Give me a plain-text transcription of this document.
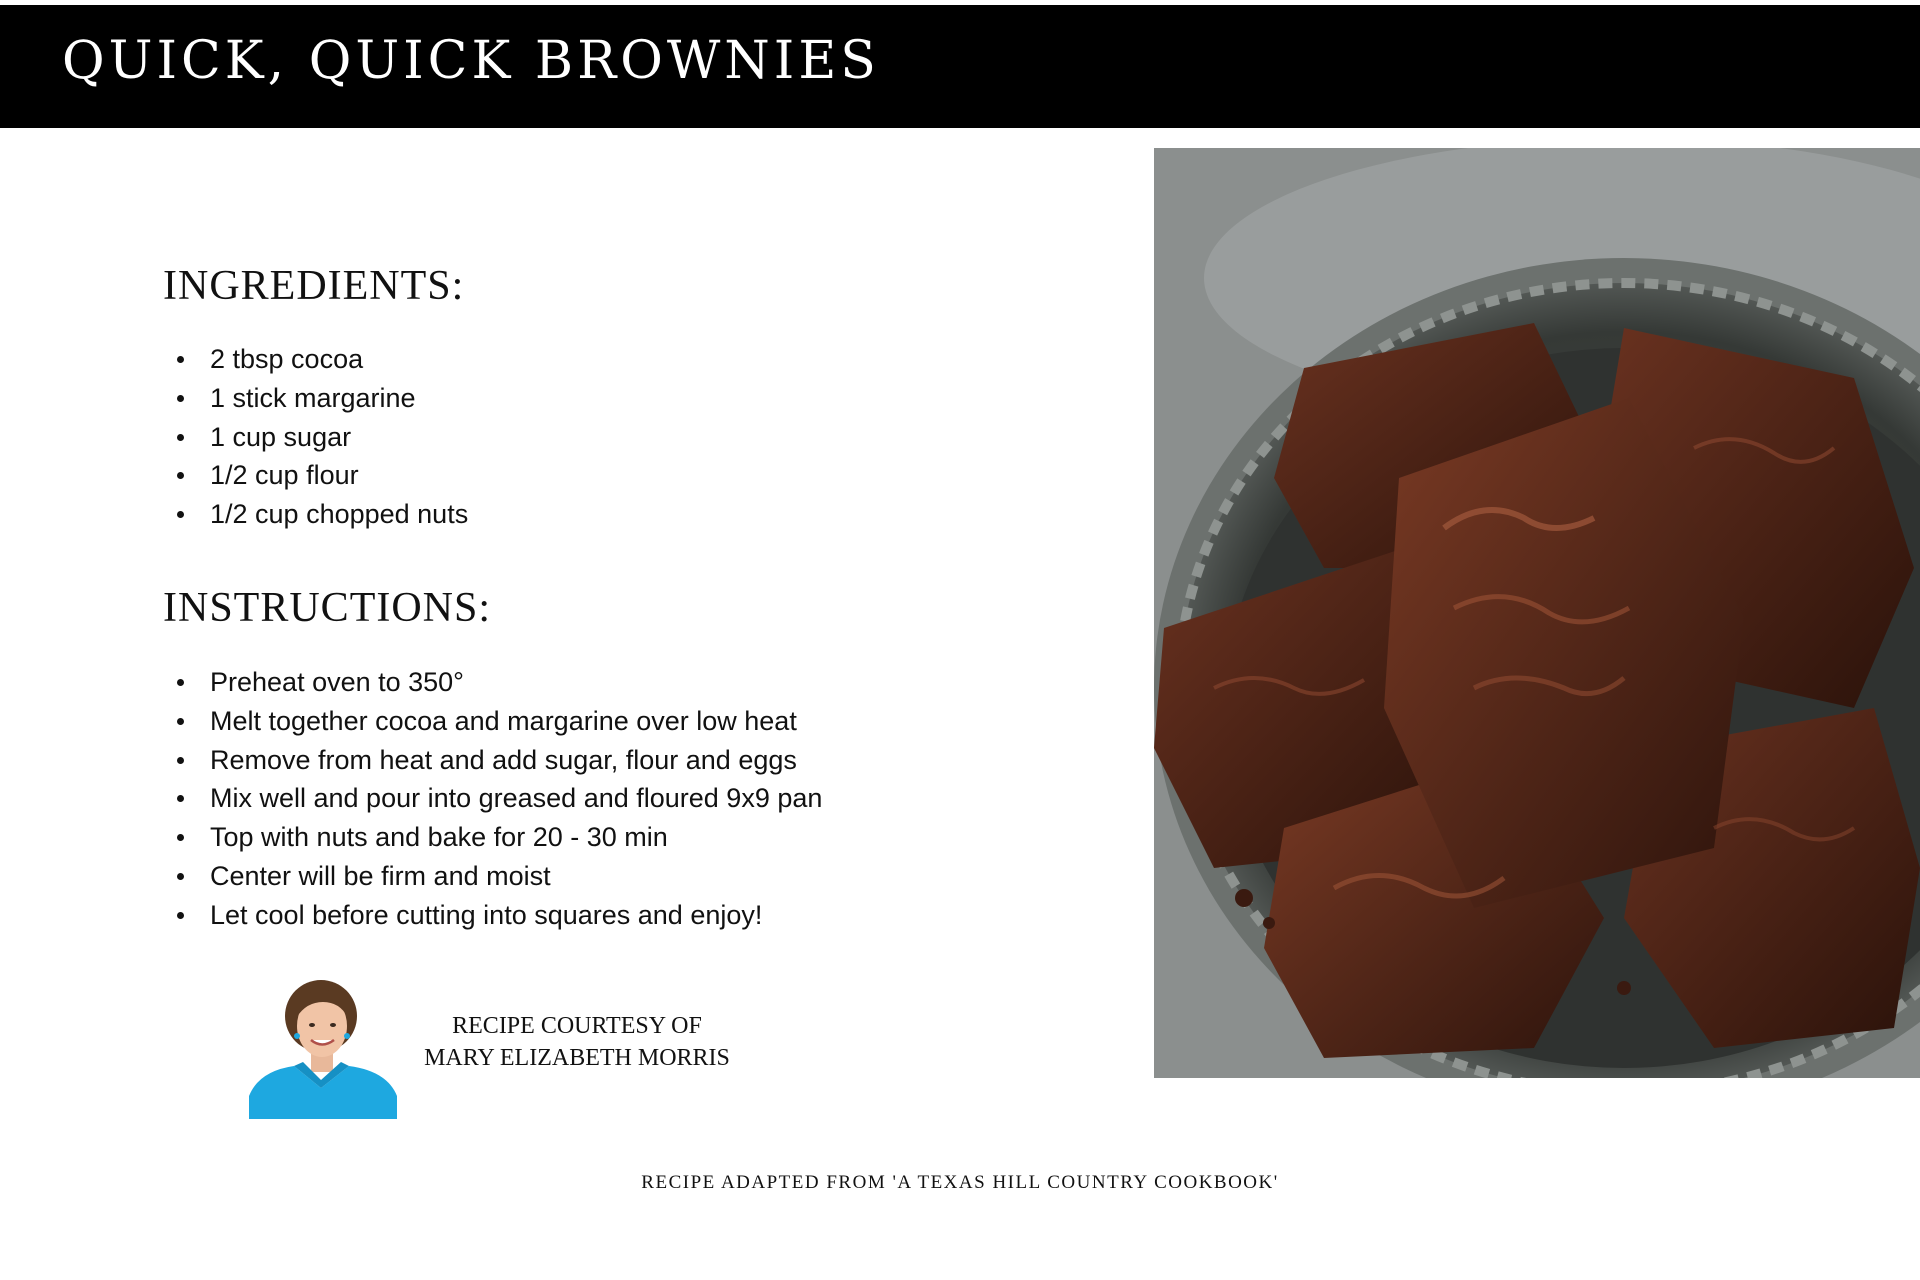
QUICK, QUICK BROWNIES
INGREDIENTS:
2 tbsp cocoa
1 stick margarine
1 cup sugar
1/2 cup flour
1/2 cup chopped nuts
INSTRUCTIONS:
Preheat oven to 350°
Melt together cocoa and margarine over low heat
Remove from heat and add sugar, flour and eggs
Mix well and pour into greased and floured 9x9 pan
Top with nuts and bake for 20 - 30 min
Center will be firm and moist
Let cool before cutting into squares and enjoy!
RECIPE COURTESY OF
MARY ELIZABETH MORRIS
RECIPE ADAPTED FROM 'A TEXAS HILL COUNTRY COOKBOOK'
